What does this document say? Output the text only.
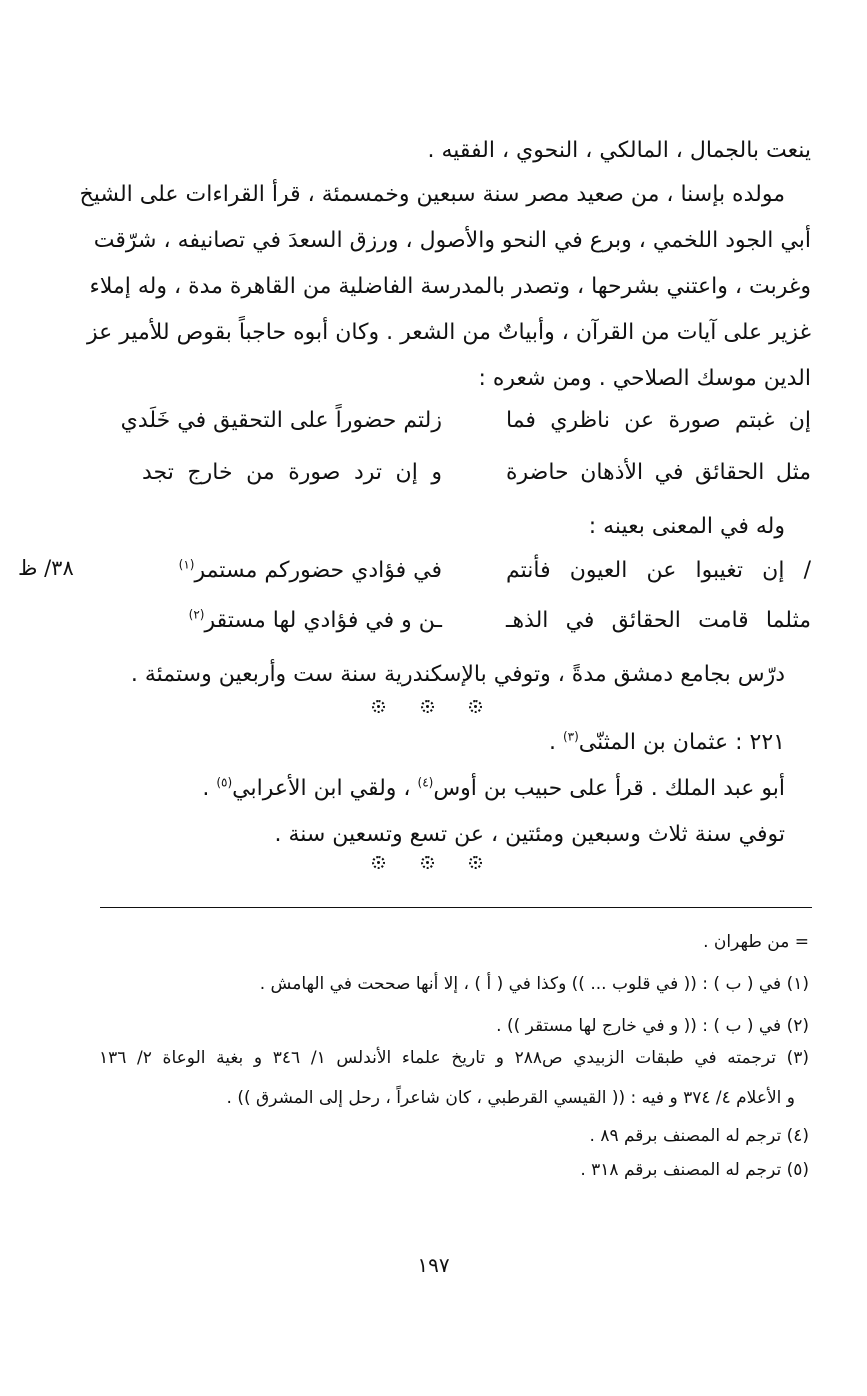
ينعت بالجمال ، المالكي ، النحوي ، الفقيه .
مولده بإسنا ، من صعيد مصر سنة سبعين وخمسمئة ، قرأ القراءات على الشيخ
أبي الجود اللخمي ، وبرع في النحو والأصول ، ورزق السعدَ في تصانيفه ، شرّقت
وغربت ، واعتني بشرحها ، وتصدر بالمدرسة الفاضلية من القاهرة مدة ، وله إملاء
غزير على آيات من القرآن ، وأبياتٌ من الشعر . وكان أبوه حاجباً بقوص للأمير عز
الدين موسك الصلاحي . ومن شعره :
إن غبتم صورة عن ناظري فما
زلتم حضوراً على التحقيق في خَلَدي
مثل الحقائق في الأذهان حاضرة
و إن ترد صورة من خارج تجد
وله في المعنى بعينه :
/ إن تغيبوا عن العيون فأنتم
في فؤادي حضوركم مستمر$^{(١)}$
٣٨/ ظ
مثلما قامت الحقائق في الذهـ
ـن و في فؤادي لها مستقر$^{(٢)}$
درّس بجامع دمشق مدةً ، وتوفي بالإسكندرية سنة ست وأربعين وستمئة .
٢٢١ : عثمان بن المثنّى$^{(٣)}$ .
أبو عبد الملك . قرأ على حبيب بن أوس$^{(٤)}$ ، ولقي ابن الأعرابي$^{(٥)}$ .
توفي سنة ثلاث وسبعين ومئتين ، عن تسع وتسعين سنة .
= من طهران .
(١) في ( ب ) : (( في قلوب ... )) وكذا في ( أ ) ، إلا أنها صححت في الهامش .
(٢) في ( ب ) : (( و في خارج لها مستقر )) .
(٣) ترجمته في طبقات الزبيدي ص٢٨٨ و تاريخ علماء الأندلس ١/ ٣٤٦ و بغية الوعاة ٢/ ١٣٦
و الأعلام ٤/ ٣٧٤ و فيه : (( القيسي القرطبي ، كان شاعراً ، رحل إلى المشرق )) .
(٤) ترجم له المصنف برقم ٨٩ .
(٥) ترجم له المصنف برقم ٣١٨ .
١٩٧
